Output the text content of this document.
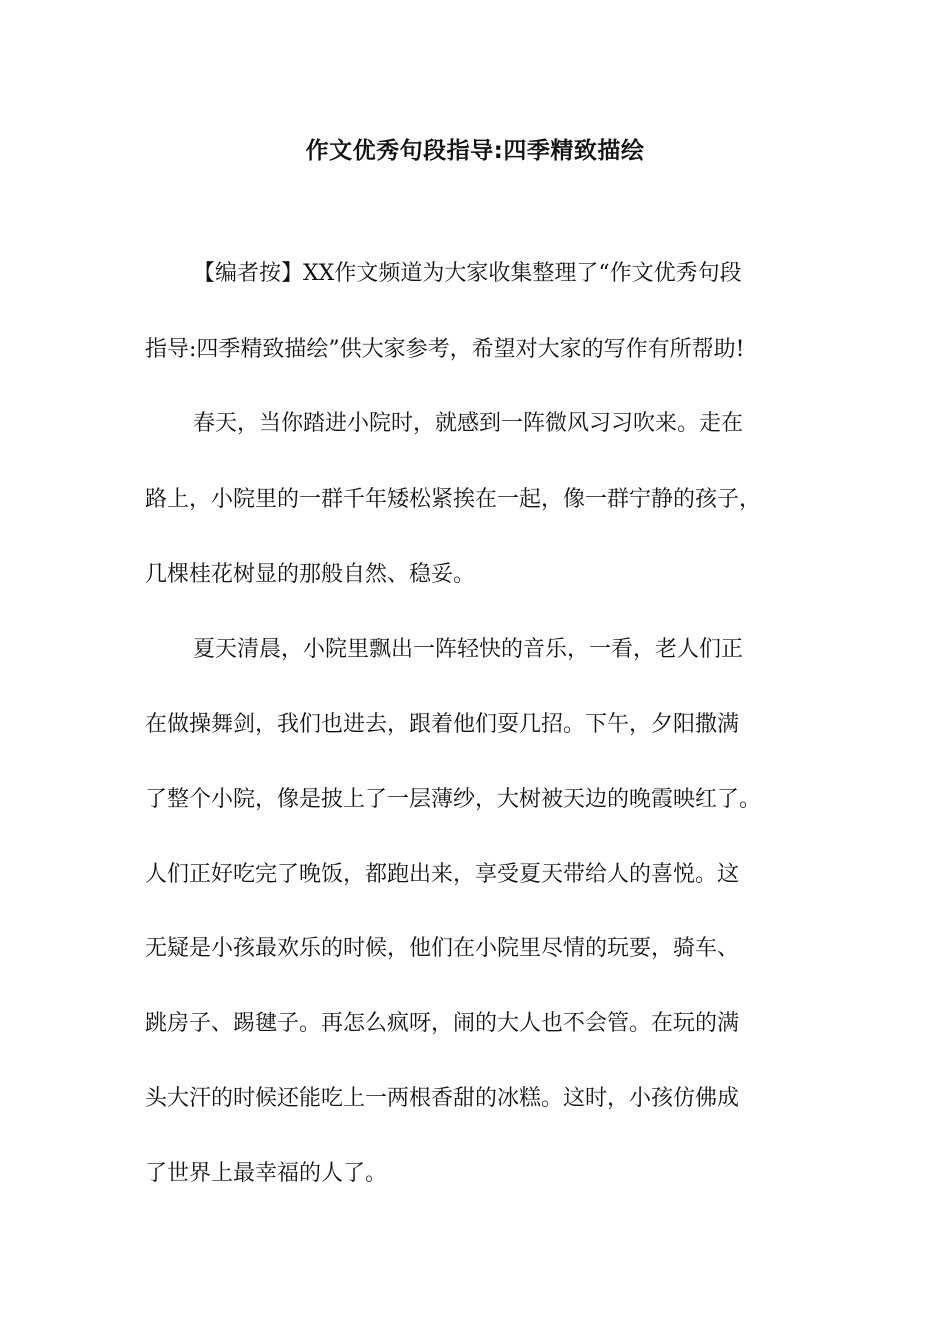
作文优秀句段指导:四季精致描绘
【编者按】XX作文频道为大家收集整理了“作文优秀句段
指导:四季精致描绘”供大家参考，希望对大家的写作有所帮助!
春天，当你踏进小院时，就感到一阵微风习习吹来。走在
路上，小院里的一群千年矮松紧挨在一起，像一群宁静的孩子，
几棵桂花树显的那般自然、稳妥。
夏天清晨，小院里飘出一阵轻快的音乐，一看，老人们正
在做操舞剑，我们也进去，跟着他们耍几招。下午，夕阳撒满
了整个小院，像是披上了一层薄纱，大树被天边的晚霞映红了。
人们正好吃完了晚饭，都跑出来，享受夏天带给人的喜悦。这
无疑是小孩最欢乐的时候，他们在小院里尽情的玩要，骑车、
跳房子、踢毽子。再怎么疯呀，闹的大人也不会管。在玩的满
头大汗的时候还能吃上一两根香甜的冰糕。这时，小孩仿佛成
了世界上最幸福的人了。
